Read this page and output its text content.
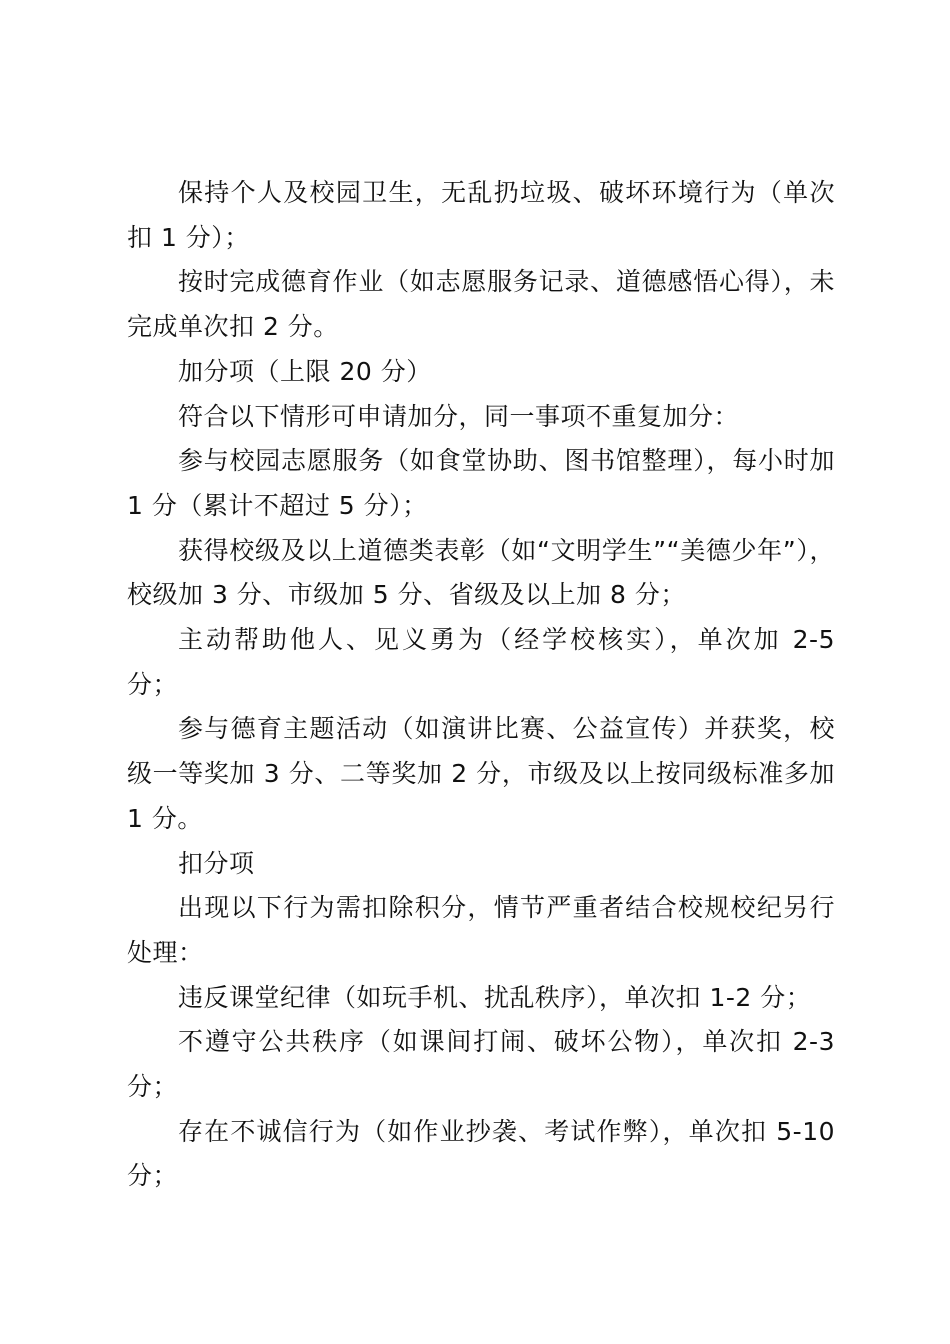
保持个人及校园卫生，无乱扔垃圾、破坏环境行为（单次扣 1 分）；

按时完成德育作业（如志愿服务记录、道德感悟心得），未完成单次扣 2 分。

加分项（上限 20 分）

符合以下情形可申请加分，同一事项不重复加分：

参与校园志愿服务（如食堂协助、图书馆整理），每小时加 1 分（累计不超过 5 分）；

获得校级及以上道德类表彰（如“文明学生”“美德少年”），校级加 3 分、市级加 5 分、省级及以上加 8 分；

主动帮助他人、见义勇为（经学校核实），单次加 2-5 分；

参与德育主题活动（如演讲比赛、公益宣传）并获奖，校级一等奖加 3 分、二等奖加 2 分，市级及以上按同级标准多加 1 分。

扣分项

出现以下行为需扣除积分，情节严重者结合校规校纪另行处理：

违反课堂纪律（如玩手机、扰乱秩序），单次扣 1-2 分；

不遵守公共秩序（如课间打闹、破坏公物），单次扣 2-3 分；

存在不诚信行为（如作业抄袭、考试作弊），单次扣 5-10 分；
